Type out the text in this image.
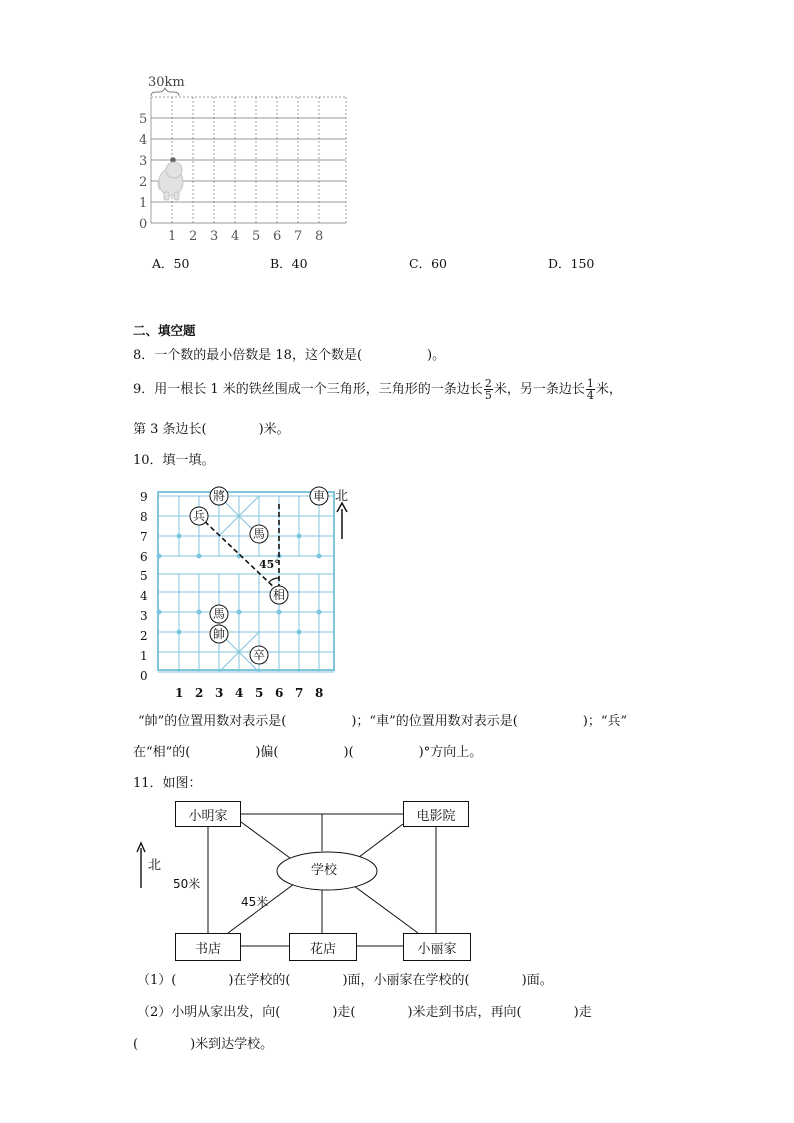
30km
0
1
2
3
4
5
1 2 3 4 5 6 7 8
A．50	B．40	C．60	D．150
二、填空题
8．一个数的最小倍数是 18，这个数是(　　　　　)。
9．用一根长 1 米的铁丝围成一个三角形，三角形的一条边长 $\frac{2}{5}$ 米，另一条边长 $\frac{1}{4}$ 米，
第 3 条边长(　　　　)米。
10．填一填。
0
1
2
3
4
5
6
7
8
9
1 2 3 4 5 6 7 8
45°
將	車
兵
馬
相
馬
帥
卒
北
“帥”的位置用数对表示是(　　　　　)；“車”的位置用数对表示是(　　　　　)；“兵”
在“相”的(　　　　　)偏(　　　　　)(　　　　　)°方向上。
11．如图：
小明家	电影院
学校
书店	花店	小丽家
北
50米
45米
（1）(　　　　)在学校的(　　　　)面，小丽家在学校的(　　　　)面。
（2）小明从家出发，向(　　　　)走(　　　　)米走到书店，再向(　　　　)走
(　　　　)米到达学校。
